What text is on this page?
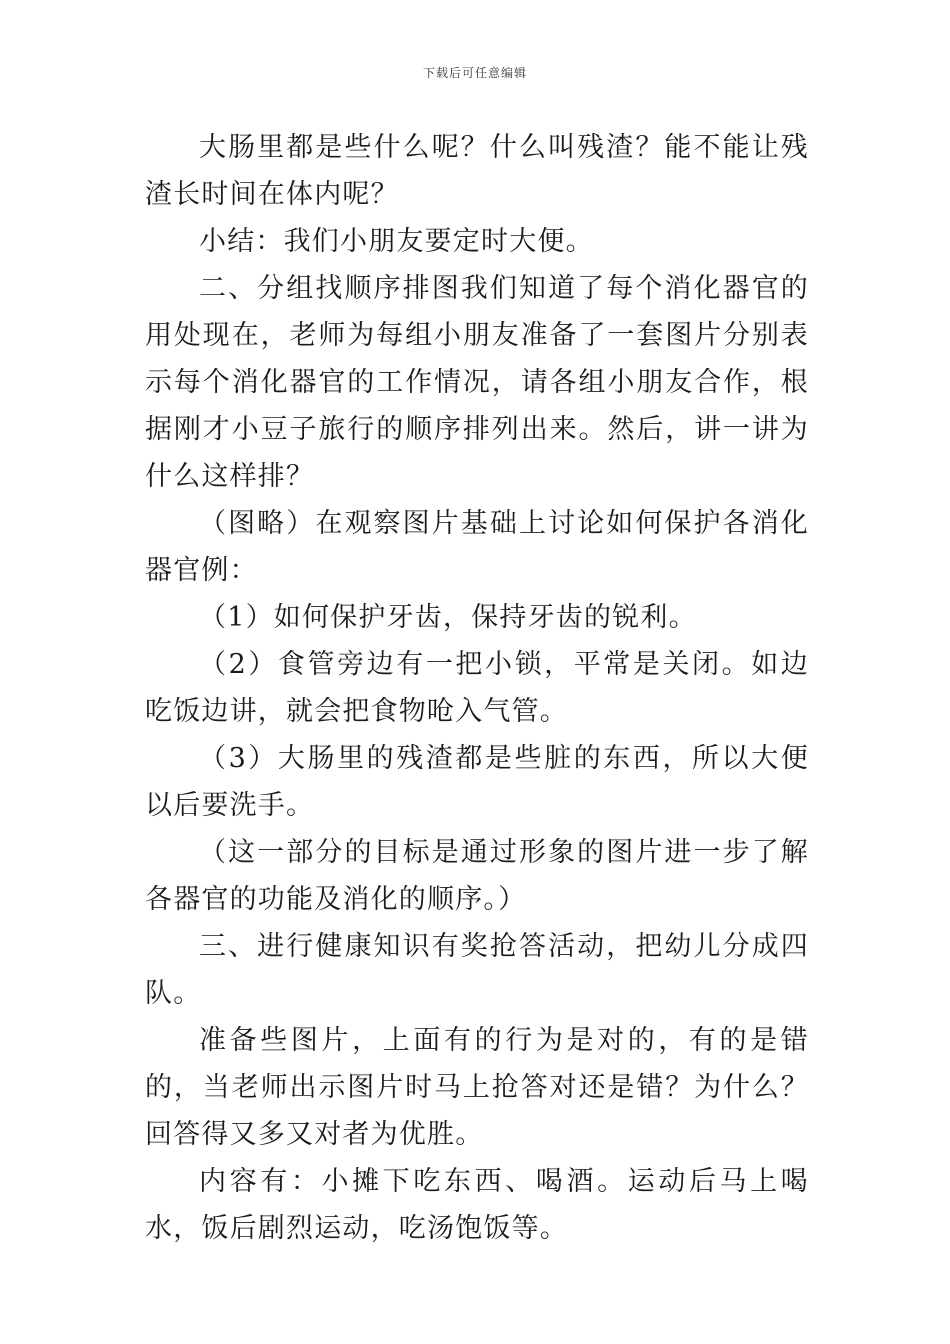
下载后可任意编辑

大肠里都是些什么呢？什么叫残渣？能不能让残渣长时间在体内呢？

小结：我们小朋友要定时大便。

二、分组找顺序排图我们知道了每个消化器官的用处现在，老师为每组小朋友准备了一套图片分别表示每个消化器官的工作情况，请各组小朋友合作，根据刚才小豆子旅行的顺序排列出来。然后，讲一讲为什么这样排？

（图略）在观察图片基础上讨论如何保护各消化器官例：

（1）如何保护牙齿，保持牙齿的锐利。

（2）食管旁边有一把小锁，平常是关闭。如边吃饭边讲，就会把食物呛入气管。

（3）大肠里的残渣都是些脏的东西，所以大便以后要洗手。

（这一部分的目标是通过形象的图片进一步了解各器官的功能及消化的顺序。）

三、进行健康知识有奖抢答活动，把幼儿分成四队。

准备些图片，上面有的行为是对的，有的是错的，当老师出示图片时马上抢答对还是错？为什么？回答得又多又对者为优胜。

内容有：小摊下吃东西、喝酒。运动后马上喝水，饭后剧烈运动，吃汤饱饭等。
